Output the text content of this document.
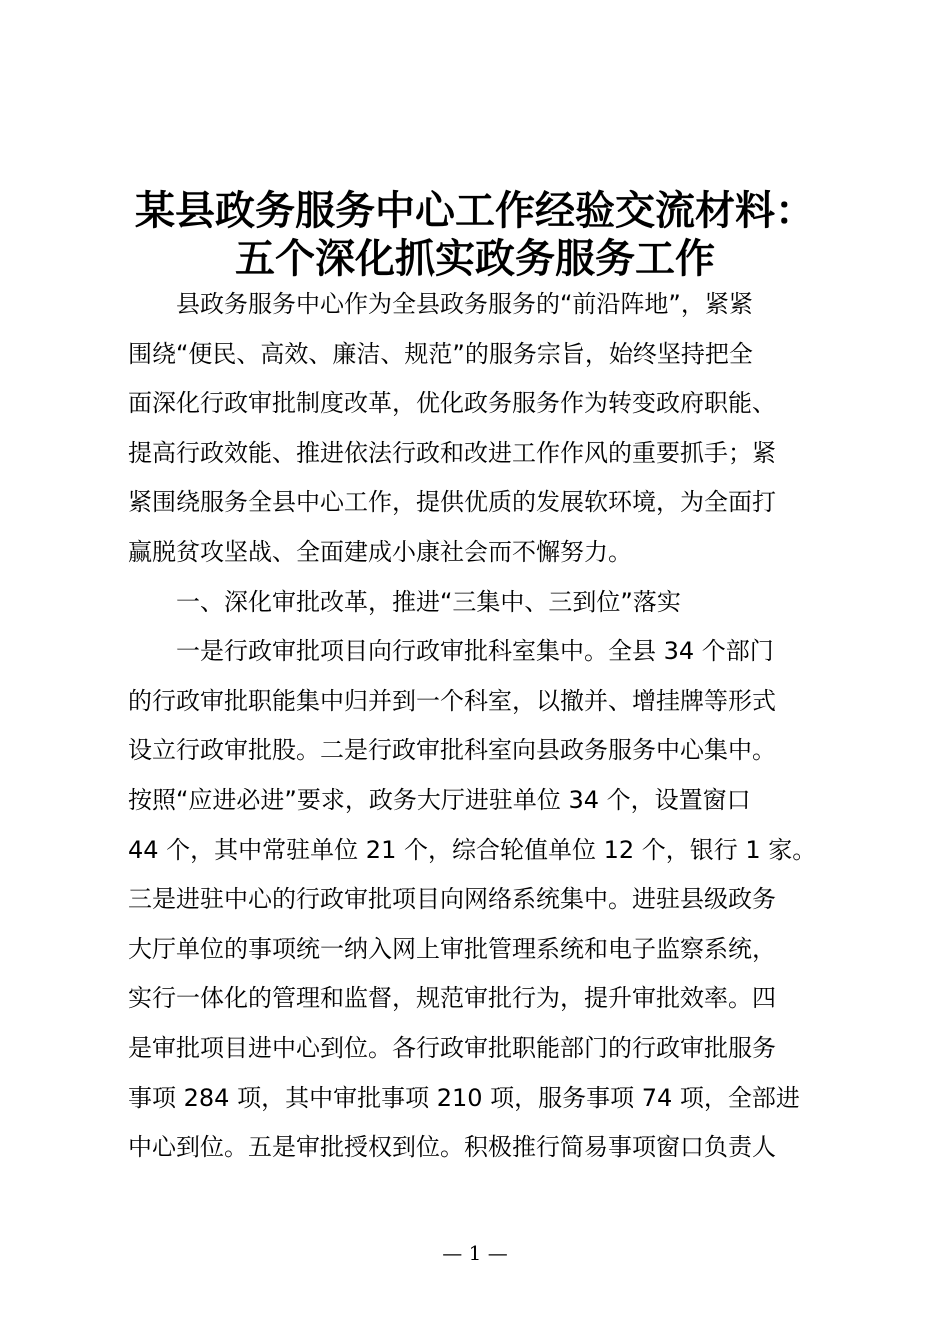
某县政务服务中心工作经验交流材料：
五个深化抓实政务服务工作
县政务服务中心作为全县政务服务的“前沿阵地”，紧紧
围绕“便民、高效、廉洁、规范”的服务宗旨，始终坚持把全
面深化行政审批制度改革，优化政务服务作为转变政府职能、
提高行政效能、推进依法行政和改进工作作风的重要抓手；紧
紧围绕服务全县中心工作，提供优质的发展软环境，为全面打
赢脱贫攻坚战、全面建成小康社会而不懈努力。
一、深化审批改革，推进“三集中、三到位”落实
一是行政审批项目向行政审批科室集中。全县 34 个部门
的行政审批职能集中归并到一个科室，以撤并、增挂牌等形式
设立行政审批股。二是行政审批科室向县政务服务中心集中。
按照“应进必进”要求，政务大厅进驻单位 34 个，设置窗口
44 个，其中常驻单位 21 个，综合轮值单位 12 个，银行 1 家。
三是进驻中心的行政审批项目向网络系统集中。进驻县级政务
大厅单位的事项统一纳入网上审批管理系统和电子监察系统，
实行一体化的管理和监督，规范审批行为，提升审批效率。四
是审批项目进中心到位。各行政审批职能部门的行政审批服务
事项 284 项，其中审批事项 210 项，服务事项 74 项，全部进
中心到位。五是审批授权到位。积极推行简易事项窗口负责人
— 1 —
